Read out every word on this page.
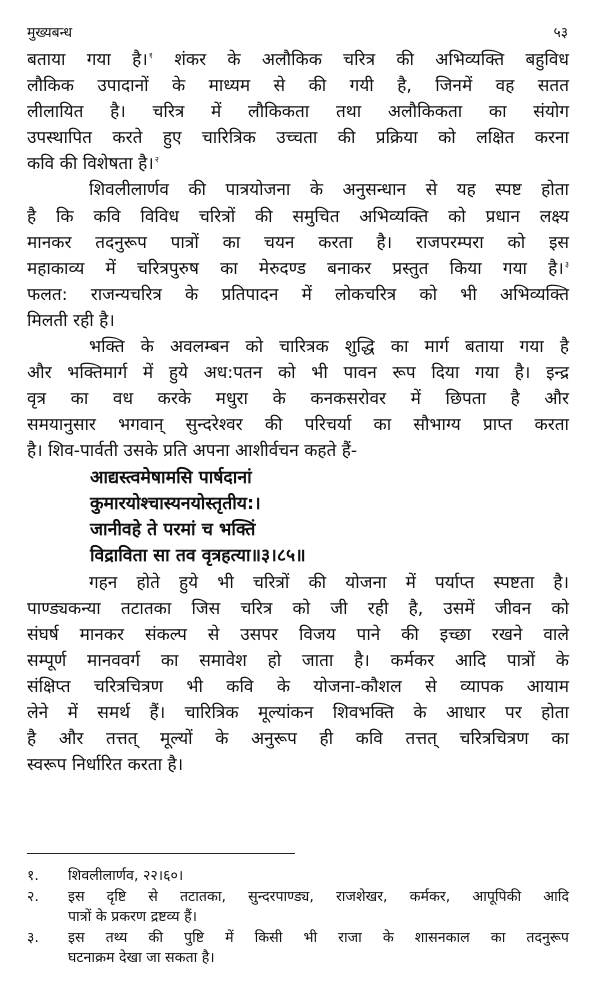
मुख्यबन्ध	५३
बताया गया है।$^१$ शंकर के अलौकिक चरित्र की अभिव्यक्ति बहुविध
लौकिक उपादानों के माध्यम से की गयी है, जिनमें वह सतत
लीलायित है। चरित्र में लौकिकता तथा अलौकिकता का संयोग
उपस्थापित करते हुए चारित्रिक उच्चता की प्रक्रिया को लक्षित करना
कवि की विशेषता है।$^२$
शिवलीलार्णव की पात्रयोजना के अनुसन्धान से यह स्पष्ट होता
है कि कवि विविध चरित्रों की समुचित अभिव्यक्ति को प्रधान लक्ष्य
मानकर तदनुरूप पात्रों का चयन करता है। राजपरम्परा को इस
महाकाव्य में चरित्रपुरुष का मेरुदण्ड बनाकर प्रस्तुत किया गया है।$^३$
फलत: राजन्यचरित्र के प्रतिपादन में लोकचरित्र को भी अभिव्यक्ति
मिलती रही है।
भक्ति के अवलम्बन को चारित्रक शुद्धि का मार्ग बताया गया है
और भक्तिमार्ग में हुये अध:पतन को भी पावन रूप दिया गया है। इन्द्र
वृत्र का वध करके मधुरा के कनकसरोवर में छिपता है और
समयानुसार भगवान् सुन्दरेश्वर की परिचर्या का सौभाग्य प्राप्त करता
है। शिव-पार्वती उसके प्रति अपना आशीर्वचन कहते हैं-
आद्यस्त्वमेषामसि पार्षदानां
कुमारयोश्चास्यनयोस्तृतीय:।
जानीवहे ते परमां च भक्तिं
विद्राविता सा तव वृत्रहत्या॥३।८५॥
गहन होते हुये भी चरित्रों की योजना में पर्याप्त स्पष्टता है।
पाण्ड्यकन्या तटातका जिस चरित्र को जी रही है, उसमें जीवन को
संघर्ष मानकर संकल्प से उसपर विजय पाने की इच्छा रखने वाले
सम्पूर्ण मानववर्ग का समावेश हो जाता है। कर्मकर आदि पात्रों के
संक्षिप्त चरित्रचित्रण भी कवि के योजना-कौशल से व्यापक आयाम
लेने में समर्थ हैं। चारित्रिक मूल्यांकन शिवभक्ति के आधार पर होता
है और तत्तत् मूल्यों के अनुरूप ही कवि तत्तत् चरित्रचित्रण का
स्वरूप निर्धारित करता है।
१. शिवलीलार्णव, २२।६०।
२. इस दृष्टि से तटातका, सुन्दरपाण्ड्य, राजशेखर, कर्मकर, आपूपिकी आदि
पात्रों के प्रकरण द्रष्टव्य हैं।
३. इस तथ्य की पुष्टि में किसी भी राजा के शासनकाल का तदनुरूप
घटनाक्रम देखा जा सकता है।
